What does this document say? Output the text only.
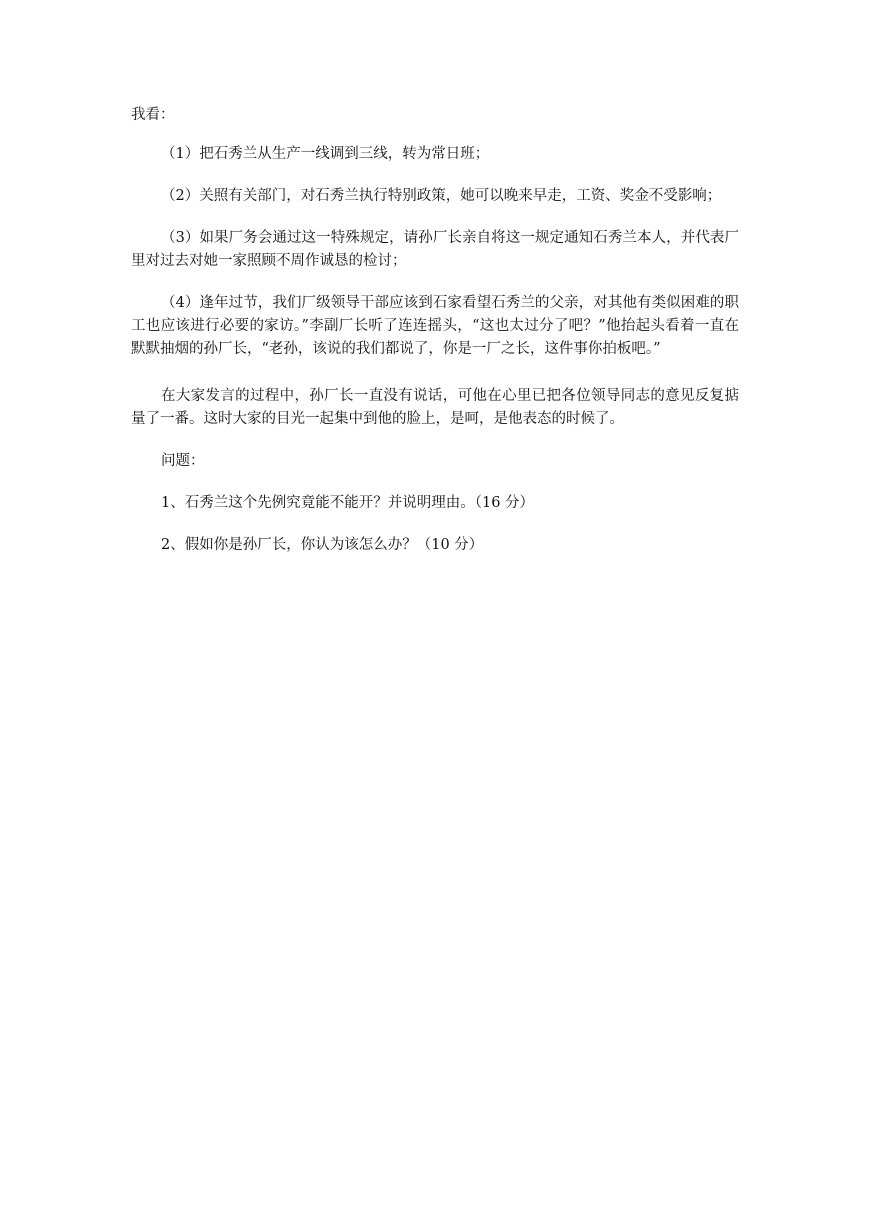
我看：

（1）把石秀兰从生产一线调到三线，转为常日班；

（2）关照有关部门，对石秀兰执行特别政策，她可以晚来早走，工资、奖金不受影响；

（3）如果厂务会通过这一特殊规定，请孙厂长亲自将这一规定通知石秀兰本人，并代表厂里对过去对她一家照顾不周作诚恳的检讨；

（4）逢年过节，我们厂级领导干部应该到石家看望石秀兰的父亲，对其他有类似困难的职工也应该进行必要的家访。”李副厂长听了连连摇头，“这也太过分了吧？”他抬起头看着一直在默默抽烟的孙厂长，“老孙，该说的我们都说了，你是一厂之长，这件事你拍板吧。”

在大家发言的过程中，孙厂长一直没有说话，可他在心里已把各位领导同志的意见反复掂量了一番。这时大家的目光一起集中到他的脸上，是呵，是他表态的时候了。

问题：

1、石秀兰这个先例究竟能不能开？并说明理由。（16 分）

2、假如你是孙厂长，你认为该怎么办？（10 分）
